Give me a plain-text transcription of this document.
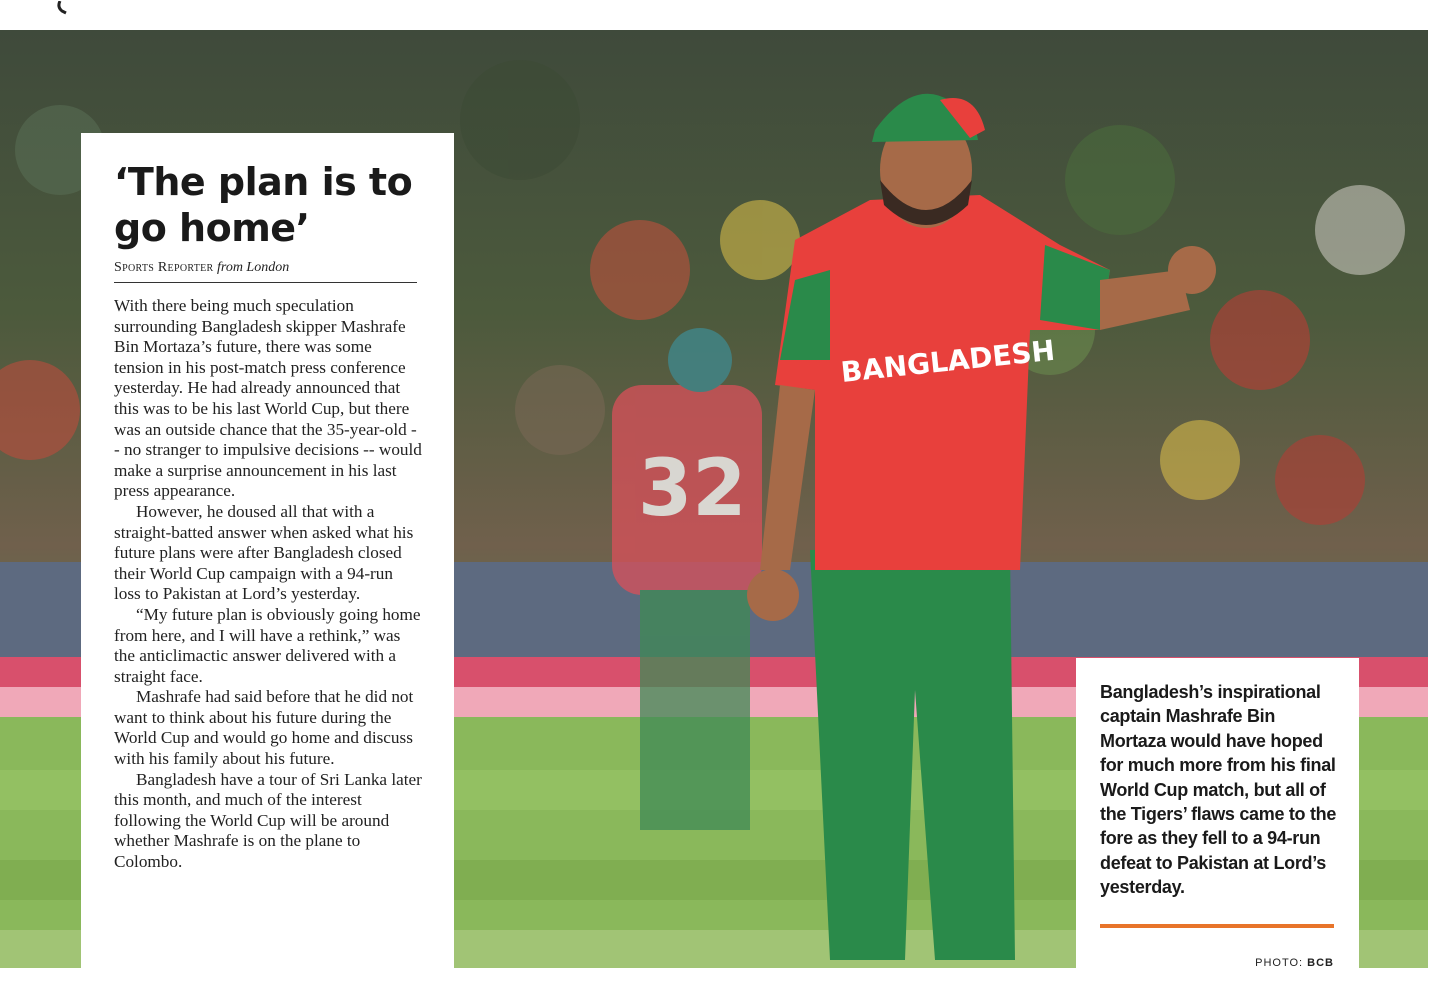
32
BANGLADESH
‘The plan is to go home’
Sports Reporter from London

With there being much speculation surrounding Bangladesh skipper Mashrafe Bin Mortaza’s future, there was some tension in his post-match press conference yesterday. He had already announced that this was to be his last World Cup, but there was an outside chance that the 35-year-old -- no stranger to impulsive decisions -- would make a surprise announcement in his last press appearance.

However, he doused all that with a straight-batted answer when asked what his future plans were after Bangladesh closed their World Cup campaign with a 94-run loss to Pakistan at Lord’s yesterday.

“My future plan is obviously going home from here, and I will have a rethink,” was the anticlimactic answer delivered with a straight face.

Mashrafe had said before that he did not want to think about his future during the World Cup and would go home and discuss with his family about his future.

Bangladesh have a tour of Sri Lanka later this month, and much of the interest following the World Cup will be around whether Mashrafe is on the plane to Colombo.

Bangladesh’s inspirational captain Mashrafe Bin Mortaza would have hoped for much more from his final World Cup match, but all of the Tigers’ flaws came to the fore as they fell to a 94-run defeat to Pakistan at Lord’s yesterday.
PHOTO: BCB
